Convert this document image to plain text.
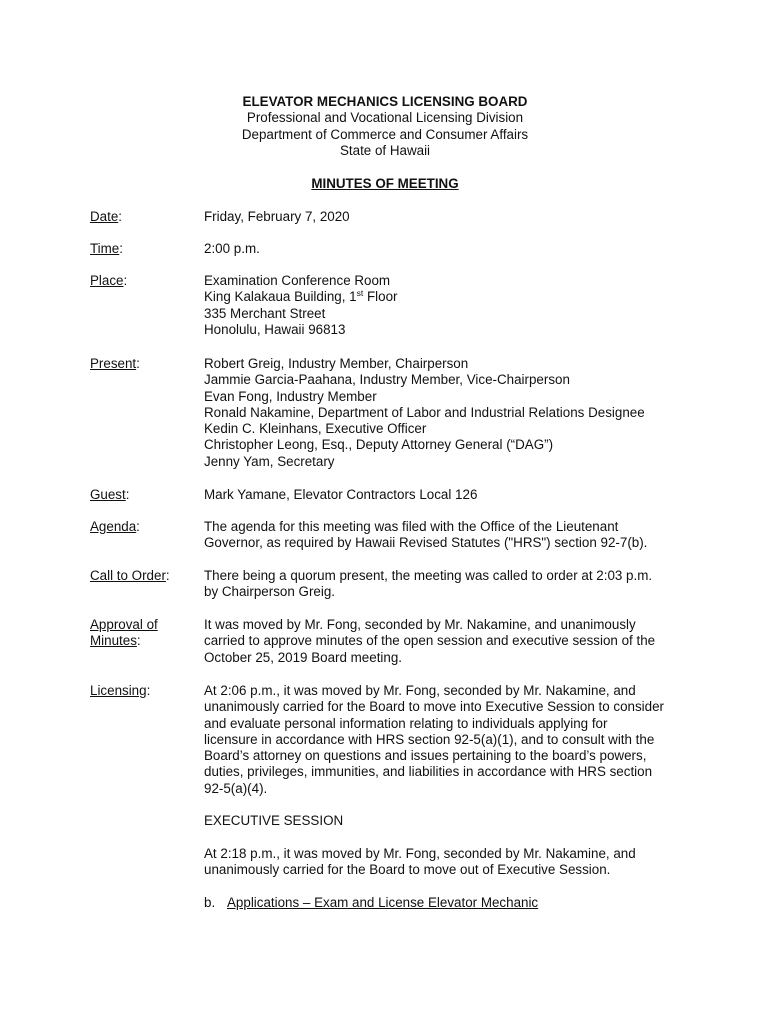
ELEVATOR MECHANICS LICENSING BOARD
Professional and Vocational Licensing Division
Department of Commerce and Consumer Affairs
State of Hawaii
MINUTES OF MEETING
Date:	Friday, February 7, 2020
Time:	2:00 p.m.
Place:	Examination Conference Room
King Kalakaua Building, 1st Floor
335 Merchant Street
Honolulu, Hawaii 96813
Present:	Robert Greig, Industry Member, Chairperson
Jammie Garcia-Paahana, Industry Member, Vice-Chairperson
Evan Fong, Industry Member
Ronald Nakamine, Department of Labor and Industrial Relations Designee
Kedin C. Kleinhans, Executive Officer
Christopher Leong, Esq., Deputy Attorney General (“DAG”)
Jenny Yam, Secretary
Guest:	Mark Yamane, Elevator Contractors Local 126
Agenda:	The agenda for this meeting was filed with the Office of the Lieutenant
Governor, as required by Hawaii Revised Statutes ("HRS") section 92-7(b).
Call to Order:	There being a quorum present, the meeting was called to order at 2:03 p.m.
by Chairperson Greig.
Approval of
Minutes:
It was moved by Mr. Fong, seconded by Mr. Nakamine, and unanimously
carried to approve minutes of the open session and executive session of the
October 25, 2019 Board meeting.
Licensing:	At 2:06 p.m., it was moved by Mr. Fong, seconded by Mr. Nakamine, and
unanimously carried for the Board to move into Executive Session to consider
and evaluate personal information relating to individuals applying for
licensure in accordance with HRS section 92-5(a)(1), and to consult with the
Board’s attorney on questions and issues pertaining to the board’s powers,
duties, privileges, immunities, and liabilities in accordance with HRS section
92-5(a)(4).
EXECUTIVE SESSION
At 2:18 p.m., it was moved by Mr. Fong, seconded by Mr. Nakamine, and
unanimously carried for the Board to move out of Executive Session.
b. Applications – Exam and License Elevator Mechanic
